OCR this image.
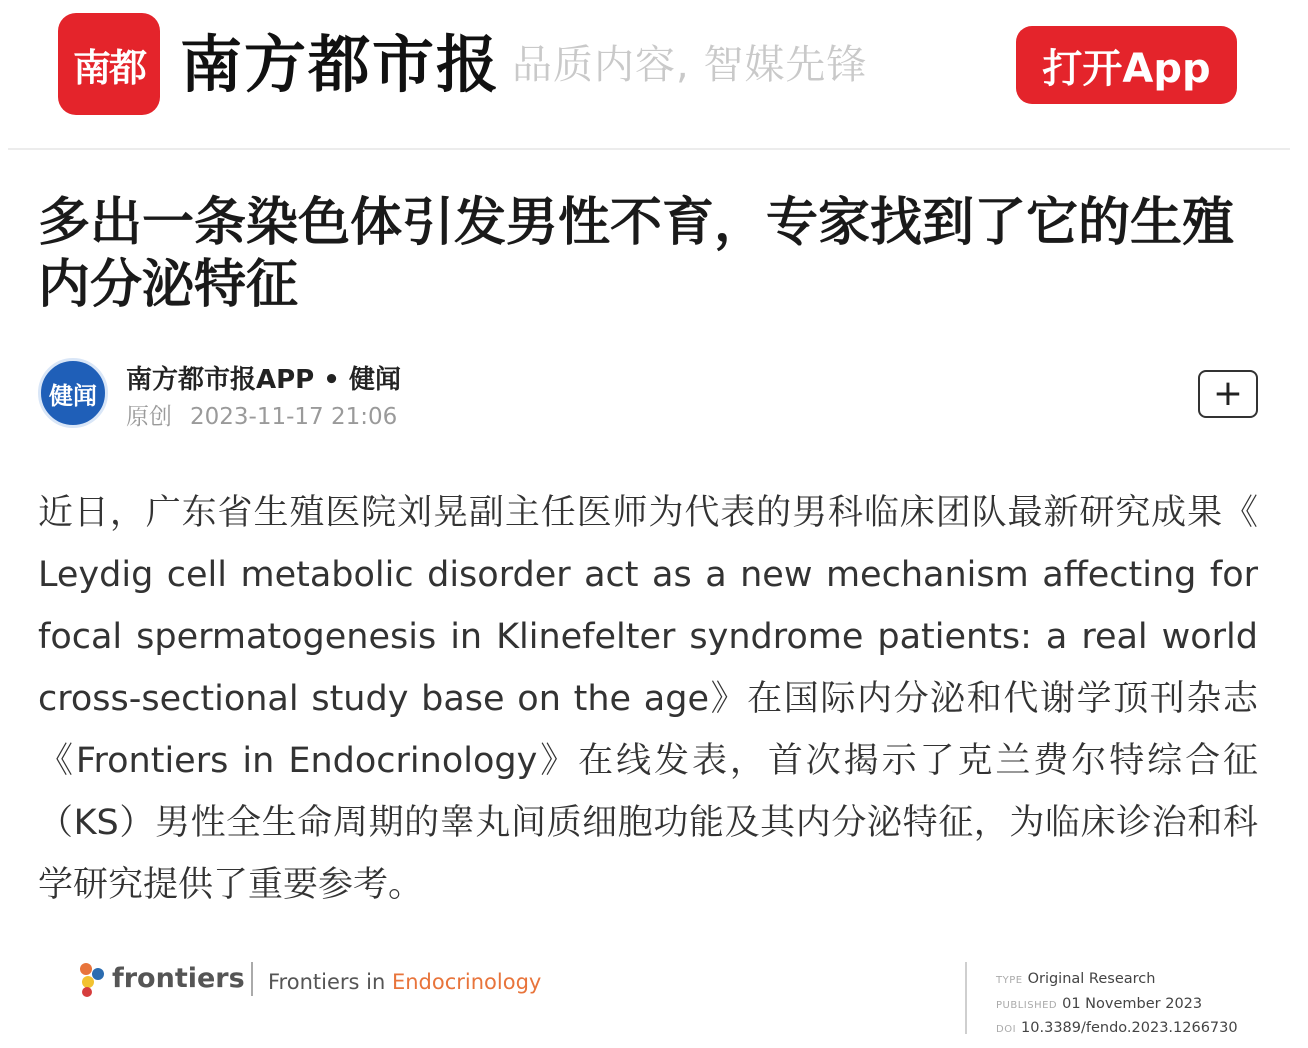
南都 南方都市报 品质内容, 智媒先锋	打开App
多出一条染色体引发男性不育，专家找到了它的生殖内分泌特征
健闻
南方都市报APP • 健闻
原创 2023-11-17 21:06
+

近日，广东省生殖医院刘晃副主任医师为代表的男科临床团队最新研究成果《 Leydig cell metabolic disorder act as a new mechanism affecting for focal spermatogenesis in Klinefelter syndrome patients: a real world cross-sectional study base on the age》在国际内分泌和代谢学顶刊杂志《Frontiers in Endocrinology》在线发表，首次揭示了克兰费尔特综合征（KS）男性全生命周期的睾丸间质细胞功能及其内分泌特征，为临床诊治和科学研究提供了重要参考。

frontiers Frontiers in Endocrinology	TYPE Original Research
PUBLISHED 01 November 2023
DOI 10.3389/fendo.2023.1266730
